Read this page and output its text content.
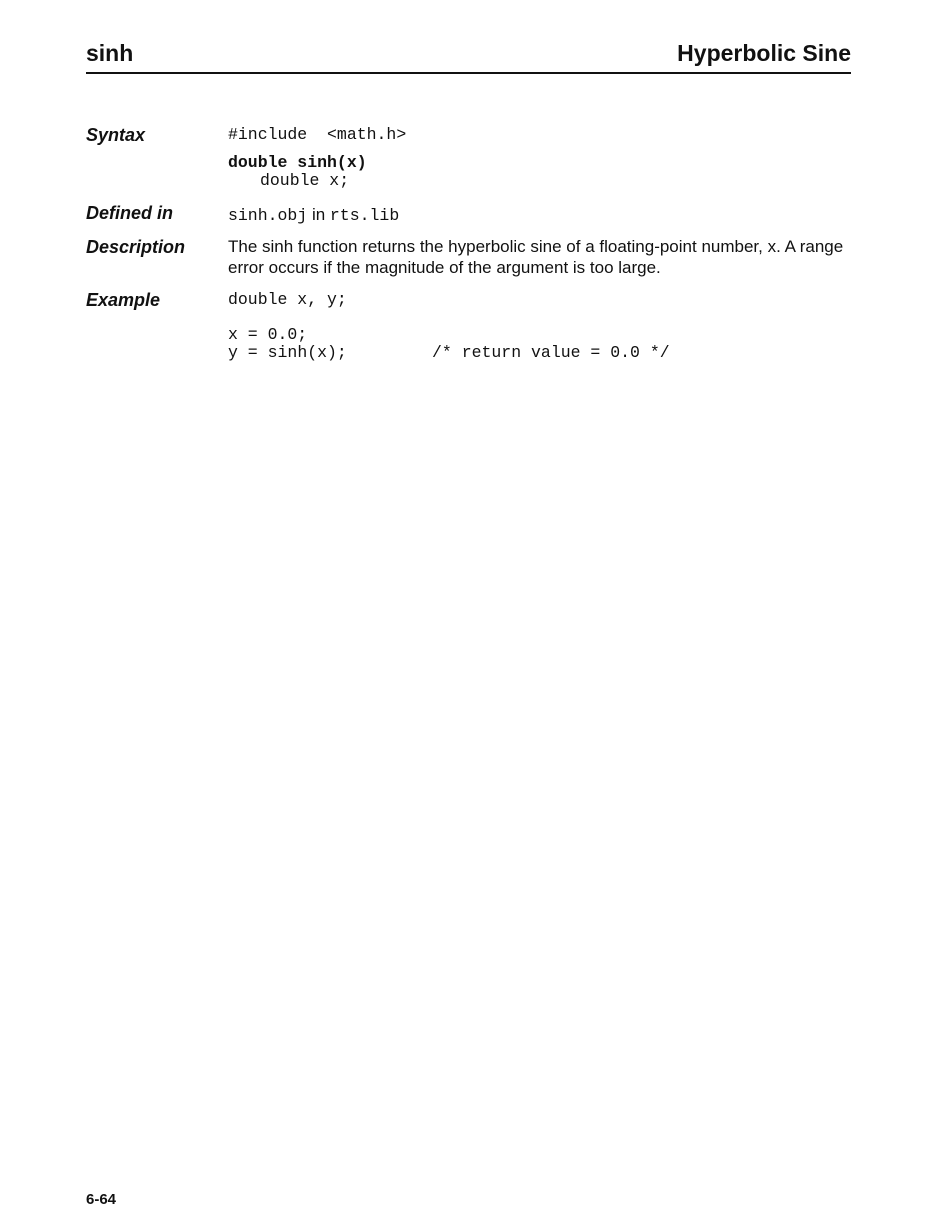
sinh	Hyperbolic Sine
Syntax	#include  <math.h>
double sinh(x)
double x;
Defined in	sinh.obj in rts.lib
Description	The sinh function returns the hyperbolic sine of a floating-point number, x. A range error occurs if the magnitude of the argument is too large.
Example	double x, y;
x = 0.0;
y = sinh(x);	/* return value = 0.0 */
6-64
